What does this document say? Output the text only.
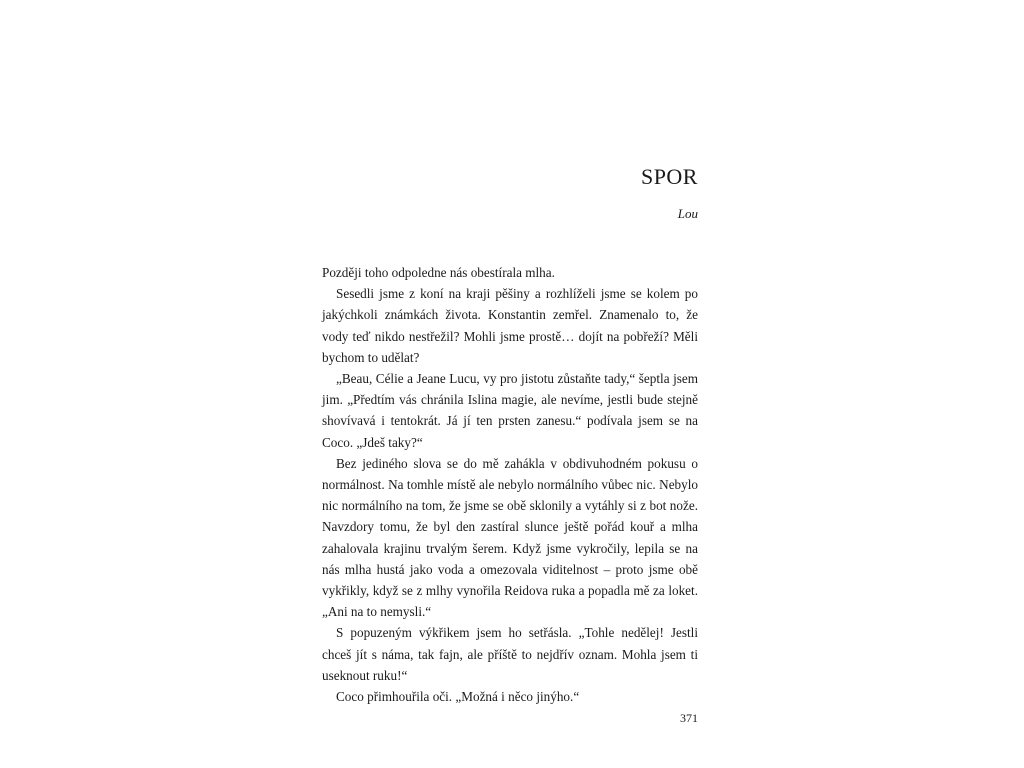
SPOR
Lou

Později toho odpoledne nás obestírala mlha.

Sesedli jsme z koní na kraji pěšiny a rozhlíželi jsme se kolem po jakýchkoli známkách života. Konstantin zemřel. Znamenalo to, že vody teď nikdo nestřežil? Mohli jsme prostě… dojít na pobřeží? Měli bychom to udělat?

„Beau, Célie a Jeane Lucu, vy pro jistotu zůstaňte tady,“ šeptla jsem jim. „Předtím vás chránila Islina magie, ale nevíme, jestli bude stejně shovívavá i tentokrát. Já jí ten prsten zanesu.“ podívala jsem se na Coco. „Jdeš taky?“

Bez jediného slova se do mě zahákla v obdivuhodném pokusu o normálnost. Na tomhle místě ale nebylo normálního vůbec nic. Nebylo nic normálního na tom, že jsme se obě sklonily a vytáhly si z bot nože. Navzdory tomu, že byl den zastíral slunce ještě pořád kouř a mlha zahalovala krajinu trvalým šerem. Když jsme vykročily, lepila se na nás mlha hustá jako voda a omezovala viditelnost – proto jsme obě vykřikly, když se z mlhy vynořila Reidova ruka a popadla mě za loket. „Ani na to nemysli.“

S popuzeným výkřikem jsem ho setřásla. „Tohle nedělej! Jestli chceš jít s náma, tak fajn, ale příště to nejdřív oznam. Mohla jsem ti useknout ruku!“

Coco přimhouřila oči. „Možná i něco jinýho.“

371
